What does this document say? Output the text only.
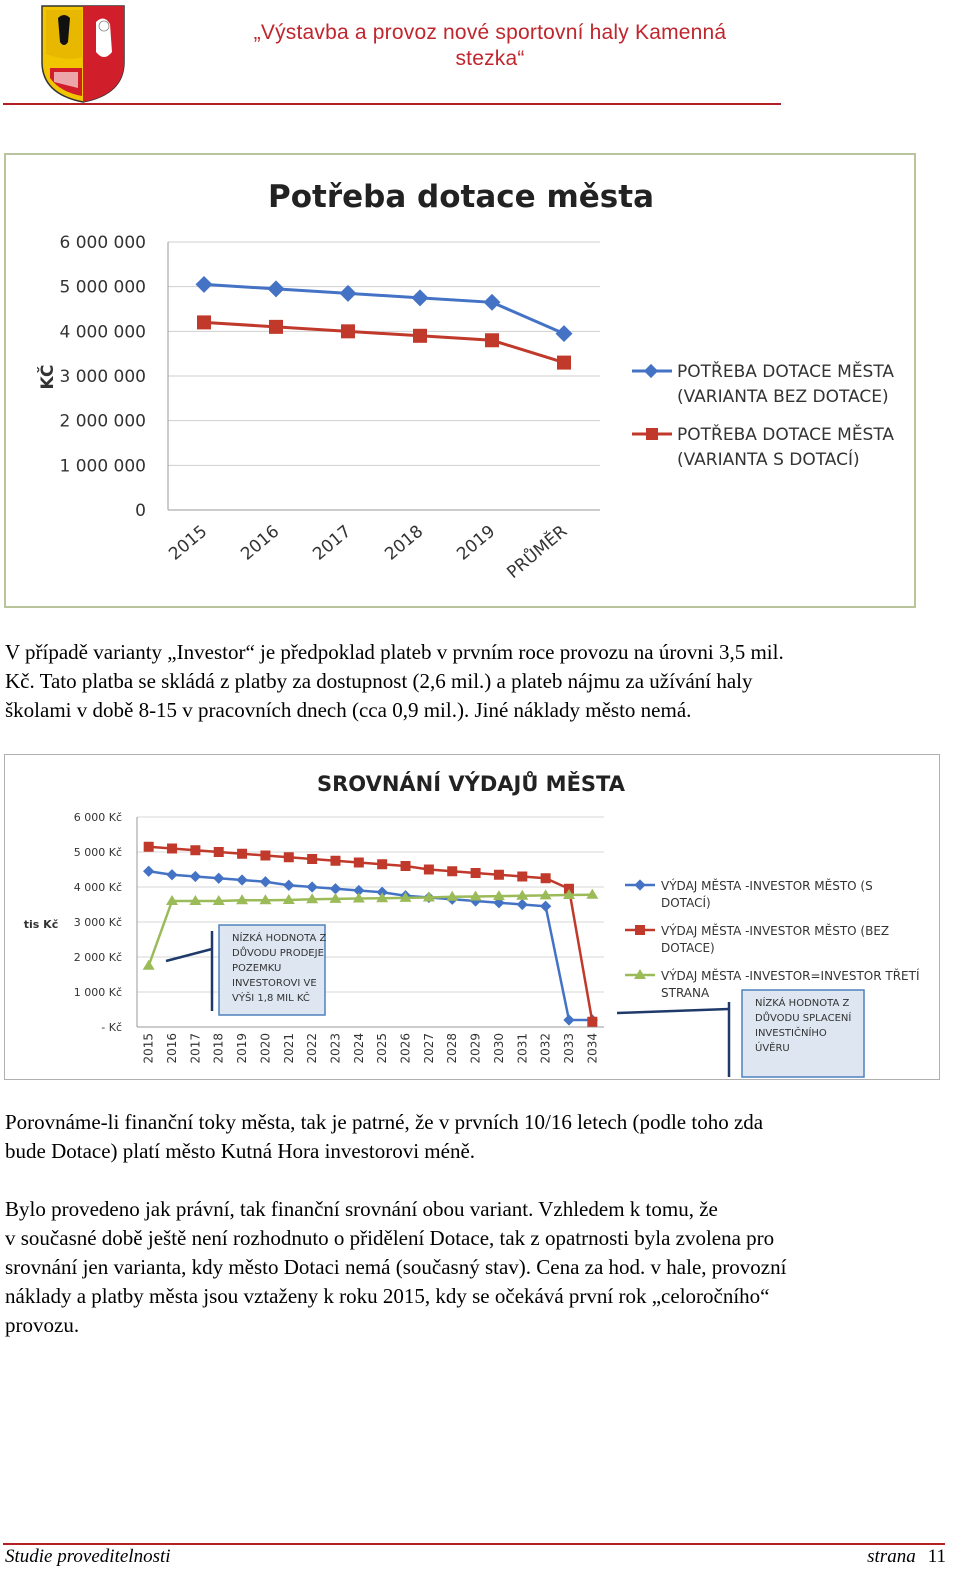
„Výstavba a provoz nové sportovní haly Kamenná
stezka“
Potřeba dotace města
KČ
6 000 000
5 000 000
4 000 000
3 000 000
2 000 000
1 000 000
0
2015 2016 2017 2018 2019 PRŮMĚR
POTŘEBA DOTACE MĚSTA
(VARIANTA BEZ DOTACE)
POTŘEBA DOTACE MĚSTA
(VARIANTA S DOTACÍ)
V případě varianty „Investor“ je předpoklad plateb v prvním roce provozu na úrovni 3,5 mil.
Kč. Tato platba se skládá z platby za dostupnost (2,6 mil.) a plateb nájmu za užívání haly
školami v době 8-15 v pracovních dnech (cca 0,9 mil.). Jiné náklady město nemá.
SROVNÁNÍ VÝDAJŮ MĚSTA
tis Kč
6 000 Kč
5 000 Kč
4 000 Kč
3 000 Kč
2 000 Kč
1 000 Kč
- Kč
2015 2016 2017 2018 2019 2020 2021 2022 2023 2024 2025 2026 2027 2028 2029 2030 2031 2032 2033 2034
VÝDAJ MĚSTA -INVESTOR MĚSTO (S
DOTACÍ)
VÝDAJ MĚSTA -INVESTOR MĚSTO (BEZ
DOTACE)
VÝDAJ MĚSTA -INVESTOR=INVESTOR TŘETÍ
STRANA
NÍZKÁ HODNOTA Z
DŮVODU PRODEJE
POZEMKU
INVESTOROVI VE
VÝŠI 1,8 MIL KČ	NÍZKÁ HODNOTA Z
DŮVODU SPLACENÍ
INVESTIČNÍHO
ÚVĚRU
Porovnáme-li finanční toky města, tak je patrné, že v prvních 10/16 letech (podle toho zda
bude Dotace) platí město Kutná Hora investorovi méně.
Bylo provedeno jak právní, tak finanční srovnání obou variant. Vzhledem k tomu, že
v současné době ještě není rozhodnuto o přidělení Dotace, tak z opatrnosti byla zvolena pro
srovnání jen varianta, kdy město Dotaci nemá (současný stav). Cena za hod. v hale, provozní
náklady a platby města jsou vztaženy k roku 2015, kdy se očekává první rok „celoročního“
provozu.
Studie proveditelnosti	strana 11
